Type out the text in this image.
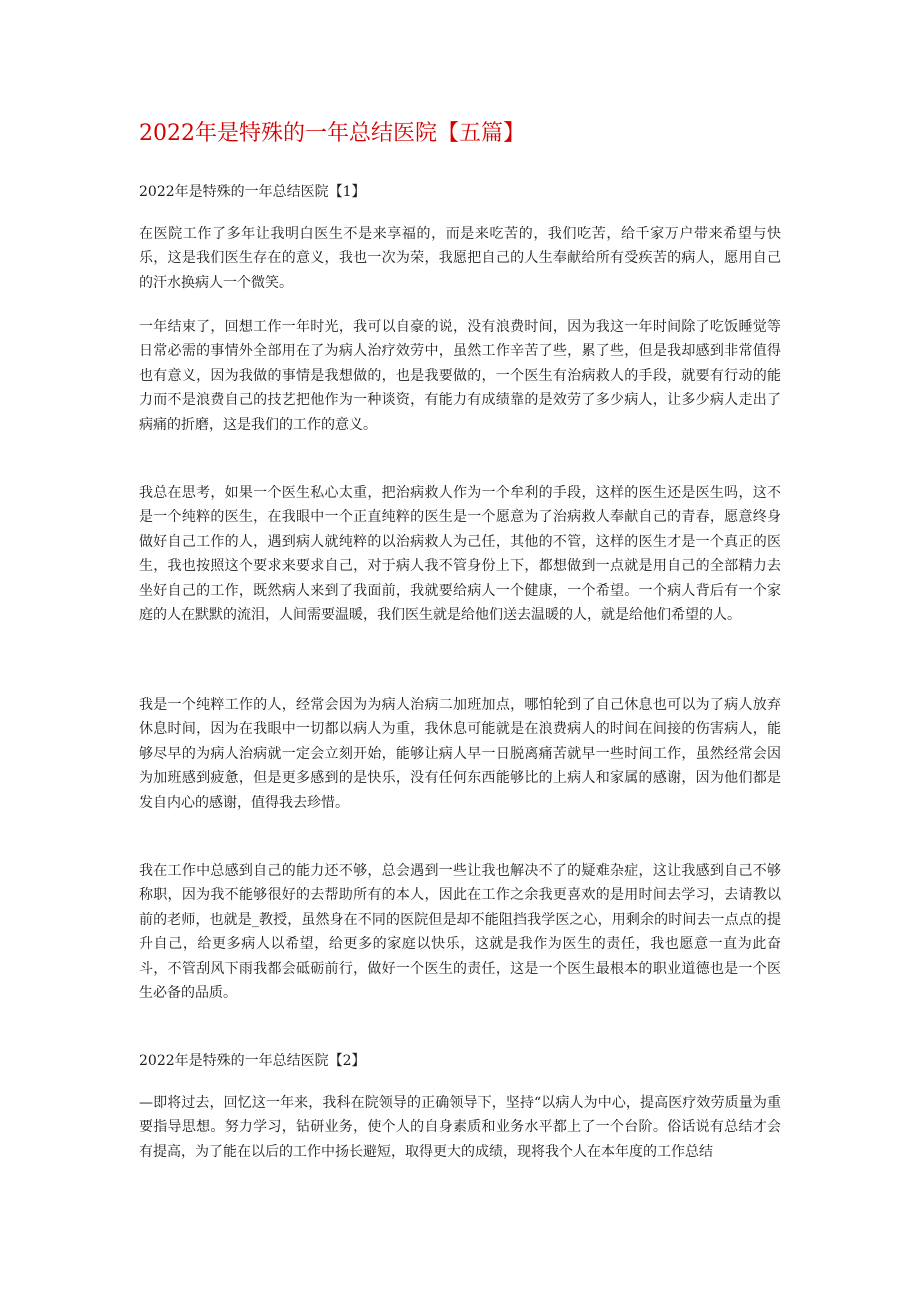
2022年是特殊的一年总结医院【五篇】
2022年是特殊的一年总结医院【1】

在医院工作了多年让我明白医生不是来享福的，而是来吃苦的，我们吃苦，给千家万户带来希望与快乐，这是我们医生存在的意义，我也一次为荣，我愿把自己的人生奉献给所有受疾苦的病人，愿用自己的汗水换病人一个微笑。

一年结束了，回想工作一年时光，我可以自豪的说，没有浪费时间，因为我这一年时间除了吃饭睡觉等日常必需的事情外全部用在了为病人治疗效劳中，虽然工作辛苦了些，累了些，但是我却感到非常值得也有意义，因为我做的事情是我想做的，也是我要做的，一个医生有治病救人的手段，就要有行动的能力而不是浪费自己的技艺把他作为一种谈资，有能力有成绩靠的是效劳了多少病人，让多少病人走出了病痛的折磨，这是我们的工作的意义。

我总在思考，如果一个医生私心太重，把治病救人作为一个牟利的手段，这样的医生还是医生吗，这不是一个纯粹的医生，在我眼中一个正直纯粹的医生是一个愿意为了治病救人奉献自己的青春，愿意终身做好自己工作的人，遇到病人就纯粹的以治病救人为己任，其他的不管，这样的医生才是一个真正的医生，我也按照这个要求来要求自己，对于病人我不管身份上下，都想做到一点就是用自己的全部精力去坐好自己的工作，既然病人来到了我面前，我就要给病人一个健康，一个希望。一个病人背后有一个家庭的人在默默的流泪，人间需要温暖，我们医生就是给他们送去温暖的人，就是给他们希望的人。

我是一个纯粹工作的人，经常会因为为病人治病二加班加点，哪怕轮到了自己休息也可以为了病人放弃休息时间，因为在我眼中一切都以病人为重，我休息可能就是在浪费病人的时间在间接的伤害病人，能够尽早的为病人治病就一定会立刻开始，能够让病人早一日脱离痛苦就早一些时间工作，虽然经常会因为加班感到疲惫，但是更多感到的是快乐，没有任何东西能够比的上病人和家属的感谢，因为他们都是发自内心的感谢，值得我去珍惜。

我在工作中总感到自己的能力还不够，总会遇到一些让我也解决不了的疑难杂症，这让我感到自己不够称职，因为我不能够很好的去帮助所有的本人，因此在工作之余我更喜欢的是用时间去学习，去请教以前的老师，也就是_教授，虽然身在不同的医院但是却不能阻挡我学医之心，用剩余的时间去一点点的提升自己，给更多病人以希望，给更多的家庭以快乐，这就是我作为医生的责任，我也愿意一直为此奋斗，不管刮风下雨我都会砥砺前行，做好一个医生的责任，这是一个医生最根本的职业道德也是一个医生必备的品质。

2022年是特殊的一年总结医院【2】

—即将过去，回忆这一年来，我科在院领导的正确领导下，坚持“以病人为中心，提高医疗效劳质量为重要指导思想。努力学习，钻研业务，使个人的自身素质和业务水平都上了一个台阶。俗话说有总结才会有提高，为了能在以后的工作中扬长避短，取得更大的成绩，现将我个人在本年度的工作总结
